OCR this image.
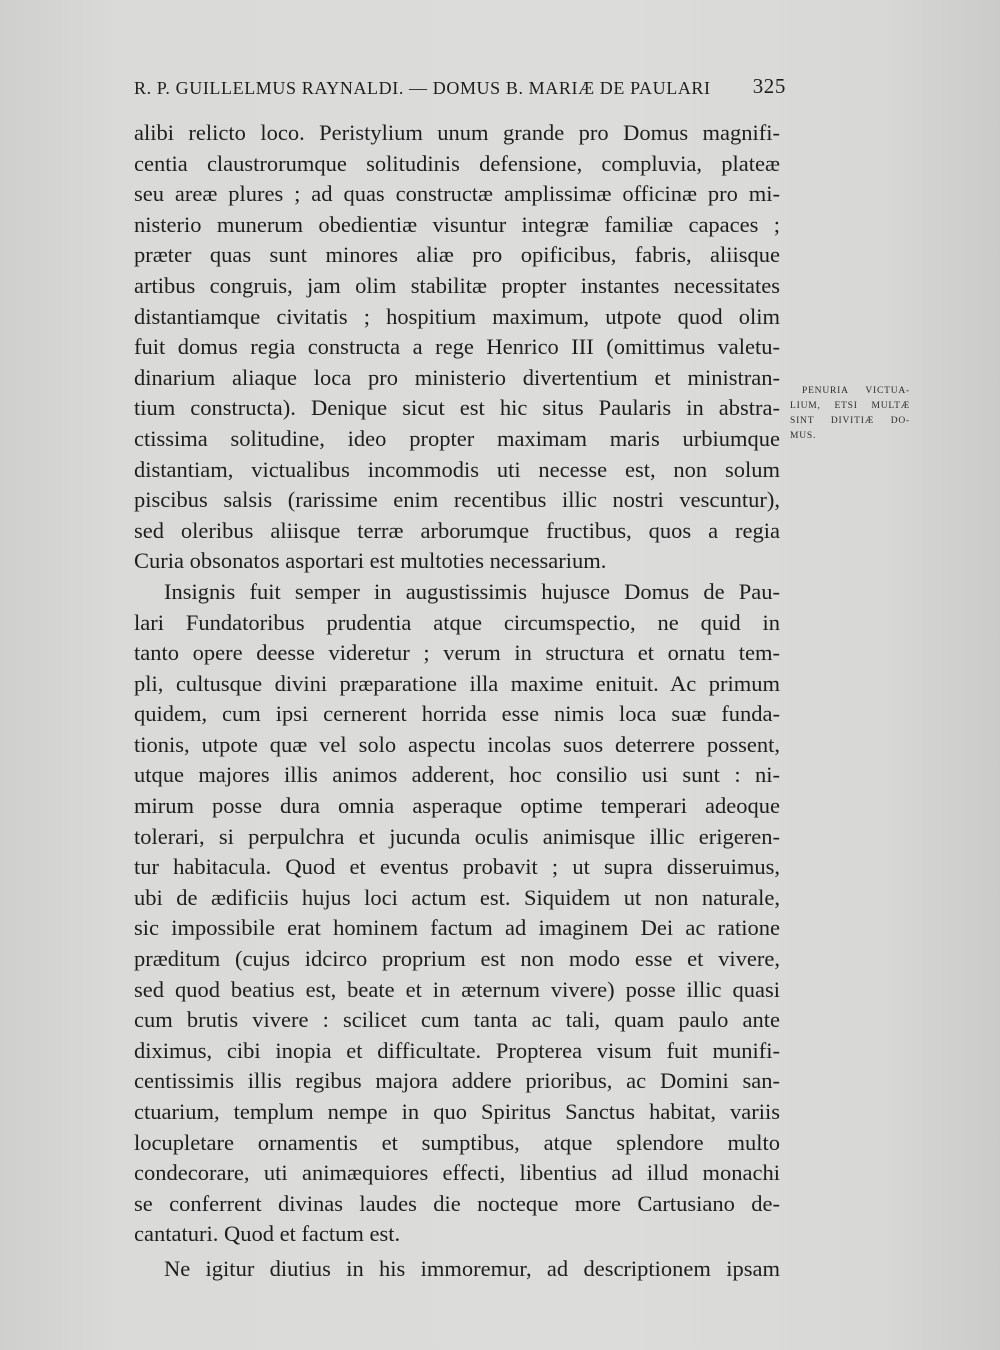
R. P. GUILLELMUS RAYNALDI. — DOMUS B. MARIÆ DE PAULARI 325
alibi relicto loco. Peristylium unum grande pro Domus magnifi-
centia claustrorumque solitudinis defensione, compluvia, plateæ
seu areæ plures ; ad quas constructæ amplissimæ officinæ pro mi-
nisterio munerum obedientiæ visuntur integræ familiæ capaces ;
præter quas sunt minores aliæ pro opificibus, fabris, aliisque
artibus congruis, jam olim stabilitæ propter instantes necessitates
distantiamque civitatis ; hospitium maximum, utpote quod olim
fuit domus regia constructa a rege Henrico III (omittimus valetu-
dinarium aliaque loca pro ministerio divertentium et ministran-
tium constructa). Denique sicut est hic situs Paularis in abstra-
ctissima solitudine, ideo propter maximam maris urbiumque
distantiam, victualibus incommodis uti necesse est, non solum
piscibus salsis (rarissime enim recentibus illic nostri vescuntur),
sed oleribus aliisque terræ arborumque fructibus, quos a regia
Curia obsonatos asportari est multoties necessarium.
Insignis fuit semper in augustissimis hujusce Domus de Pau-
lari Fundatoribus prudentia atque circumspectio, ne quid in
tanto opere deesse videretur ; verum in structura et ornatu tem-
pli, cultusque divini præparatione illa maxime enituit. Ac primum
quidem, cum ipsi cernerent horrida esse nimis loca suæ funda-
tionis, utpote quæ vel solo aspectu incolas suos deterrere possent,
utque majores illis animos adderent, hoc consilio usi sunt : ni-
mirum posse dura omnia asperaque optime temperari adeoque
tolerari, si perpulchra et jucunda oculis animisque illic erigeren-
tur habitacula. Quod et eventus probavit ; ut supra disseruimus,
ubi de ædificiis hujus loci actum est. Siquidem ut non naturale,
sic impossibile erat hominem factum ad imaginem Dei ac ratione
præditum (cujus idcirco proprium est non modo esse et vivere,
sed quod beatius est, beate et in æternum vivere) posse illic quasi
cum brutis vivere : scilicet cum tanta ac tali, quam paulo ante
diximus, cibi inopia et difficultate. Propterea visum fuit munifi-
centissimis illis regibus majora addere prioribus, ac Domini san-
ctuarium, templum nempe in quo Spiritus Sanctus habitat, variis
locupletare ornamentis et sumptibus, atque splendore multo
condecorare, uti animæquiores effecti, libentius ad illud monachi
se conferrent divinas laudes die nocteque more Cartusiano de-
cantaturi. Quod et factum est.
Ne igitur diutius in his immoremur, ad descriptionem ipsam
PENURIA VICTUA-
LIUM, ETSI MULTÆ
SINT DIVITIÆ DO-
MUS.
